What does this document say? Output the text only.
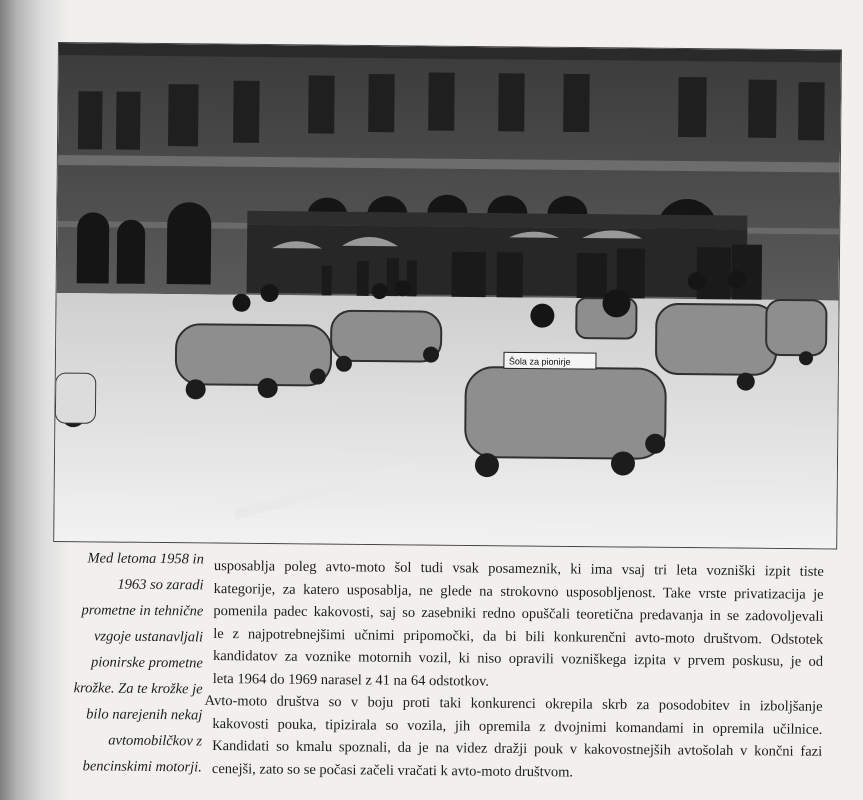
Šola za pionirje
Med letoma 1958 in
1963 so zaradi
prometne in tehnične
vzgoje ustanavljali
pionirske prometne
krožke. Za te krožke je
bilo narejenih nekaj
avtomobilčkov z
bencinskimi motorji.
usposablja poleg avto-moto šol tudi vsak posameznik, ki ima vsaj tri leta vozniški izpit tiste
kategorije, za katero usposablja, ne glede na strokovno usposobljenost. Take vrste privatizacija je
pomenila padec kakovosti, saj so zasebniki redno opuščali teoretična predavanja in se zadovoljevali
le z najpotrebnejšimi učnimi pripomočki, da bi bili konkurenčni avto-moto društvom. Odstotek
kandidatov za voznike motornih vozil, ki niso opravili vozniškega izpita v prvem poskusu, je od
leta 1964 do 1969 narasel z 41 na 64 odstotkov.
Avto-moto društva so v boju proti taki konkurenci okrepila skrb za posodobitev in izboljšanje
kakovosti pouka, tipizirala so vozila, jih opremila z dvojnimi komandami in opremila učilnice.
Kandidati so kmalu spoznali, da je na videz dražji pouk v kakovostnejših avtošolah v končni fazi
cenejši, zato so se počasi začeli vračati k avto-moto društvom.
